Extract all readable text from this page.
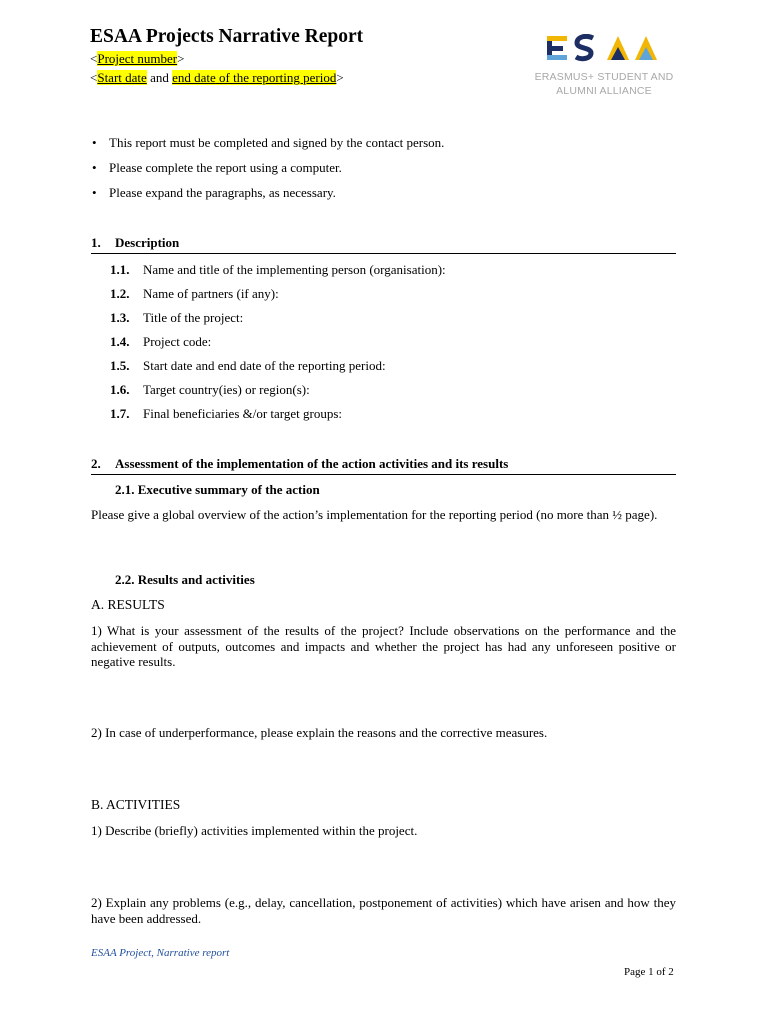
ESAA Projects Narrative Report
<Project number>
<Start date and end date of the reporting period>	ERASMUS+ STUDENT AND
ALUMNI ALLIANCE
•This report must be completed and signed by the contact person.
•Please complete the report using a computer.
•Please expand the paragraphs, as necessary.
1. Description
1.1. Name and title of the implementing person (organisation):
1.2. Name of partners (if any):
1.3. Title of the project:
1.4. Project code:
1.5. Start date and end date of the reporting period:
1.6. Target country(ies) or region(s):
1.7. Final beneficiaries &/or target groups:
2. Assessment of the implementation of the action activities and its results
2.1. Executive summary of the action
Please give a global overview of the action’s implementation for the reporting period (no more than ½ page).
2.2. Results and activities
A. RESULTS
1) What is your assessment of the results of the project? Include observations on the performance and the achievement of outputs, outcomes and impacts and whether the project has had any unforeseen positive or negative results.
2) In case of underperformance, please explain the reasons and the corrective measures.
B. ACTIVITIES
1) Describe (briefly) activities implemented within the project.
2) Explain any problems (e.g., delay, cancellation, postponement of activities) which have arisen and how they have been addressed.
ESAA Project, Narrative report
Page 1 of 2
